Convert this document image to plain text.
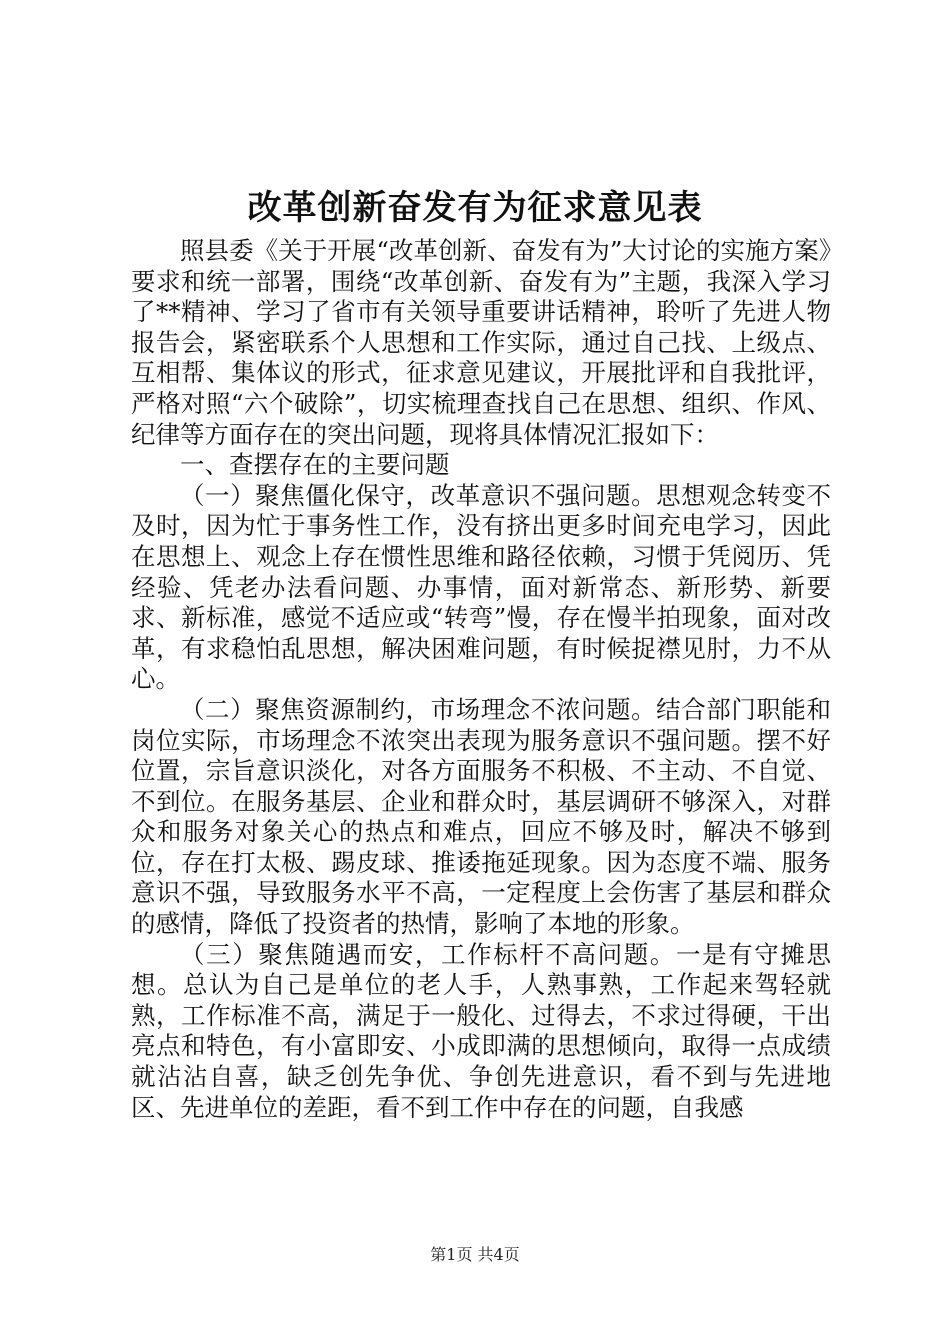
改革创新奋发有为征求意见表

照县委《关于开展“改革创新、奋发有为”大讨论的实施方案》要求和统一部署，围绕“改革创新、奋发有为”主题，我深入学习了**精神、学习了省市有关领导重要讲话精神，聆听了先进人物报告会，紧密联系个人思想和工作实际，通过自己找、上级点、互相帮、集体议的形式，征求意见建议，开展批评和自我批评，严格对照“六个破除”，切实梳理查找自己在思想、组织、作风、纪律等方面存在的突出问题，现将具体情况汇报如下：

一、查摆存在的主要问题

（一）聚焦僵化保守，改革意识不强问题。思想观念转变不及时，因为忙于事务性工作，没有挤出更多时间充电学习，因此在思想上、观念上存在惯性思维和路径依赖，习惯于凭阅历、凭经验、凭老办法看问题、办事情，面对新常态、新形势、新要求、新标准，感觉不适应或“转弯”慢，存在慢半拍现象，面对改革，有求稳怕乱思想，解决困难问题，有时候捉襟见肘，力不从心。

（二）聚焦资源制约，市场理念不浓问题。结合部门职能和岗位实际，市场理念不浓突出表现为服务意识不强问题。摆不好位置，宗旨意识淡化，对各方面服务不积极、不主动、不自觉、不到位。在服务基层、企业和群众时，基层调研不够深入，对群众和服务对象关心的热点和难点，回应不够及时，解决不够到位，存在打太极、踢皮球、推诿拖延现象。因为态度不端、服务意识不强，导致服务水平不高，一定程度上会伤害了基层和群众的感情，降低了投资者的热情，影响了本地的形象。

（三）聚焦随遇而安，工作标杆不高问题。一是有守摊思想。总认为自己是单位的老人手，人熟事熟，工作起来驾轻就熟，工作标准不高，满足于一般化、过得去，不求过得硬，干出亮点和特色，有小富即安、小成即满的思想倾向，取得一点成绩就沾沾自喜，缺乏创先争优、争创先进意识，看不到与先进地区、先进单位的差距，看不到工作中存在的问题，自我感

第1页 共4页
